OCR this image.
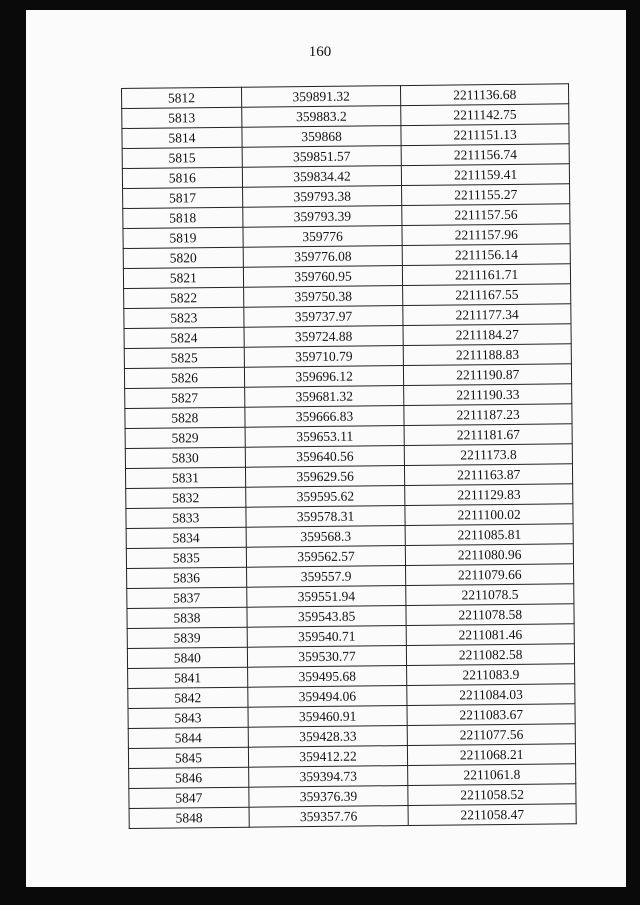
160
5812	359891.32	2211136.68
5813	359883.2	2211142.75
5814	359868	2211151.13
5815	359851.57	2211156.74
5816	359834.42	2211159.41
5817	359793.38	2211155.27
5818	359793.39	2211157.56
5819	359776	2211157.96
5820	359776.08	2211156.14
5821	359760.95	2211161.71
5822	359750.38	2211167.55
5823	359737.97	2211177.34
5824	359724.88	2211184.27
5825	359710.79	2211188.83
5826	359696.12	2211190.87
5827	359681.32	2211190.33
5828	359666.83	2211187.23
5829	359653.11	2211181.67
5830	359640.56	2211173.8
5831	359629.56	2211163.87
5832	359595.62	2211129.83
5833	359578.31	2211100.02
5834	359568.3	2211085.81
5835	359562.57	2211080.96
5836	359557.9	2211079.66
5837	359551.94	2211078.5
5838	359543.85	2211078.58
5839	359540.71	2211081.46
5840	359530.77	2211082.58
5841	359495.68	2211083.9
5842	359494.06	2211084.03
5843	359460.91	2211083.67
5844	359428.33	2211077.56
5845	359412.22	2211068.21
5846	359394.73	2211061.8
5847	359376.39	2211058.52
5848	359357.76	2211058.47
